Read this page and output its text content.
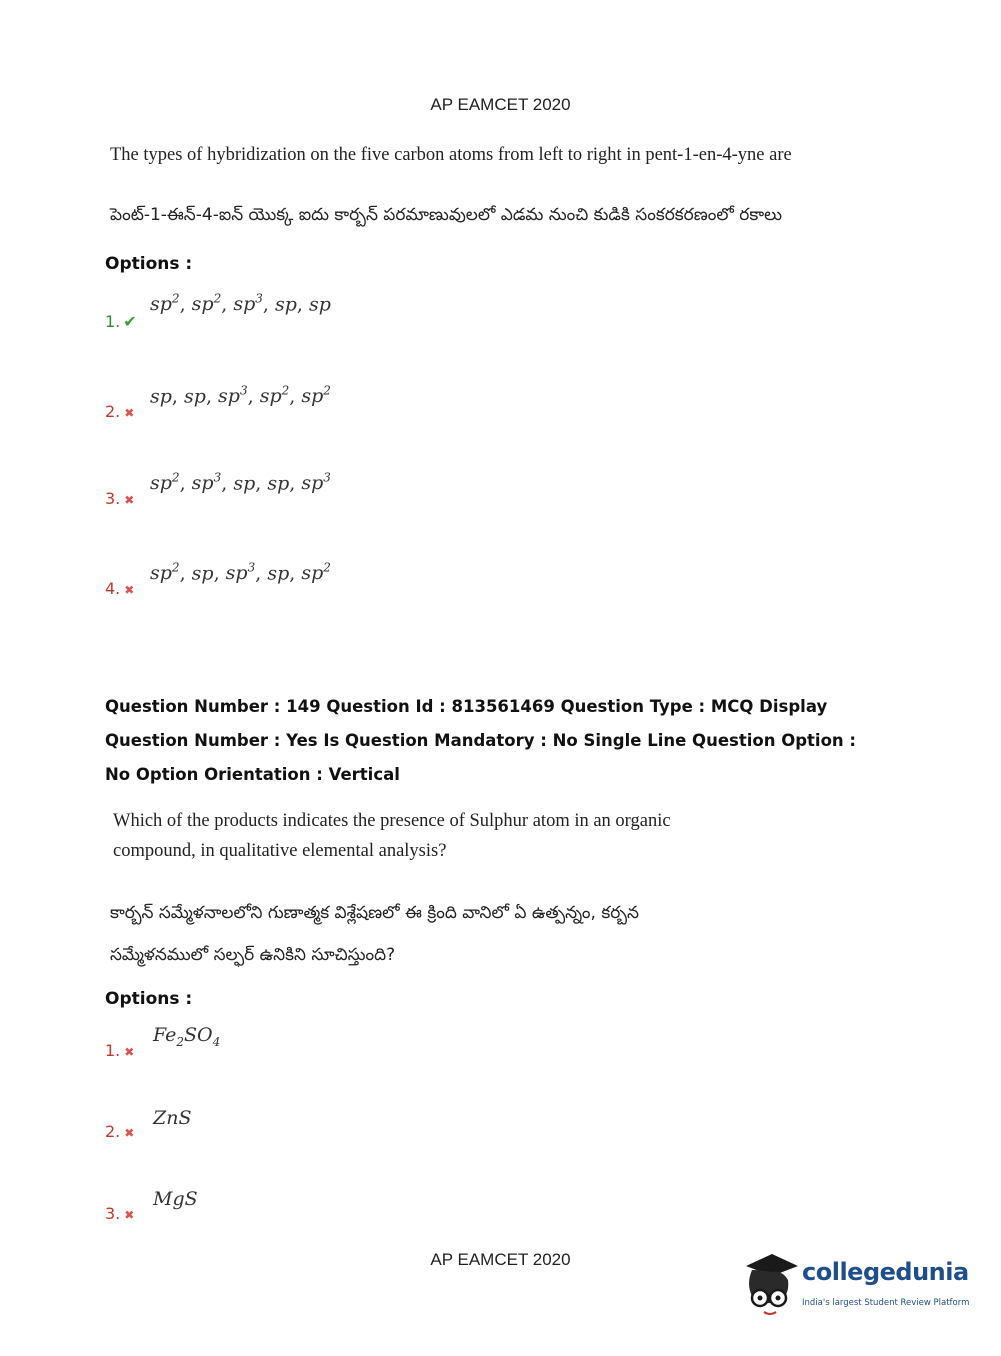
AP EAMCET 2020
The types of hybridization on the five carbon atoms from left to right in pent-1-en-4-yne are
పెంట్-1-ఈన్-4-ఐన్ యొక్క ఐదు కార్బన్ పరమాణువులలో ఎడమ నుంచి కుడికి సంకరకరణంలో రకాలు
Options :
1. ✔
$sp^2$, $sp^2$, $sp^3$, sp, sp
2. ✖
sp, sp, $sp^3$, $sp^2$, $sp^2$
3. ✖
$sp^2$, $sp^3$, sp, sp, $sp^3$
4. ✖
$sp^2$, sp, $sp^3$, sp, $sp^2$
Question Number : 149 Question Id : 813561469 Question Type : MCQ Display Question Number : Yes Is Question Mandatory : No Single Line Question Option : No Option Orientation : Vertical
Which of the products indicates the presence of Sulphur atom in an organic compound, in qualitative elemental analysis?
కార్బన్ సమ్మేళనాలలోని గుణాత్మక విశ్లేషణలో ఈ క్రింది వానిలో ఏ ఉత్పన్నం, కర్బన సమ్మేళనములో సల్ఫర్ ఉనికిని సూచిస్తుంది?
Options :
1. ✖
$Fe_2SO_4$
2. ✖
ZnS
3. ✖
MgS
AP EAMCET 2020	collegedunia
India's largest Student Review Platform
